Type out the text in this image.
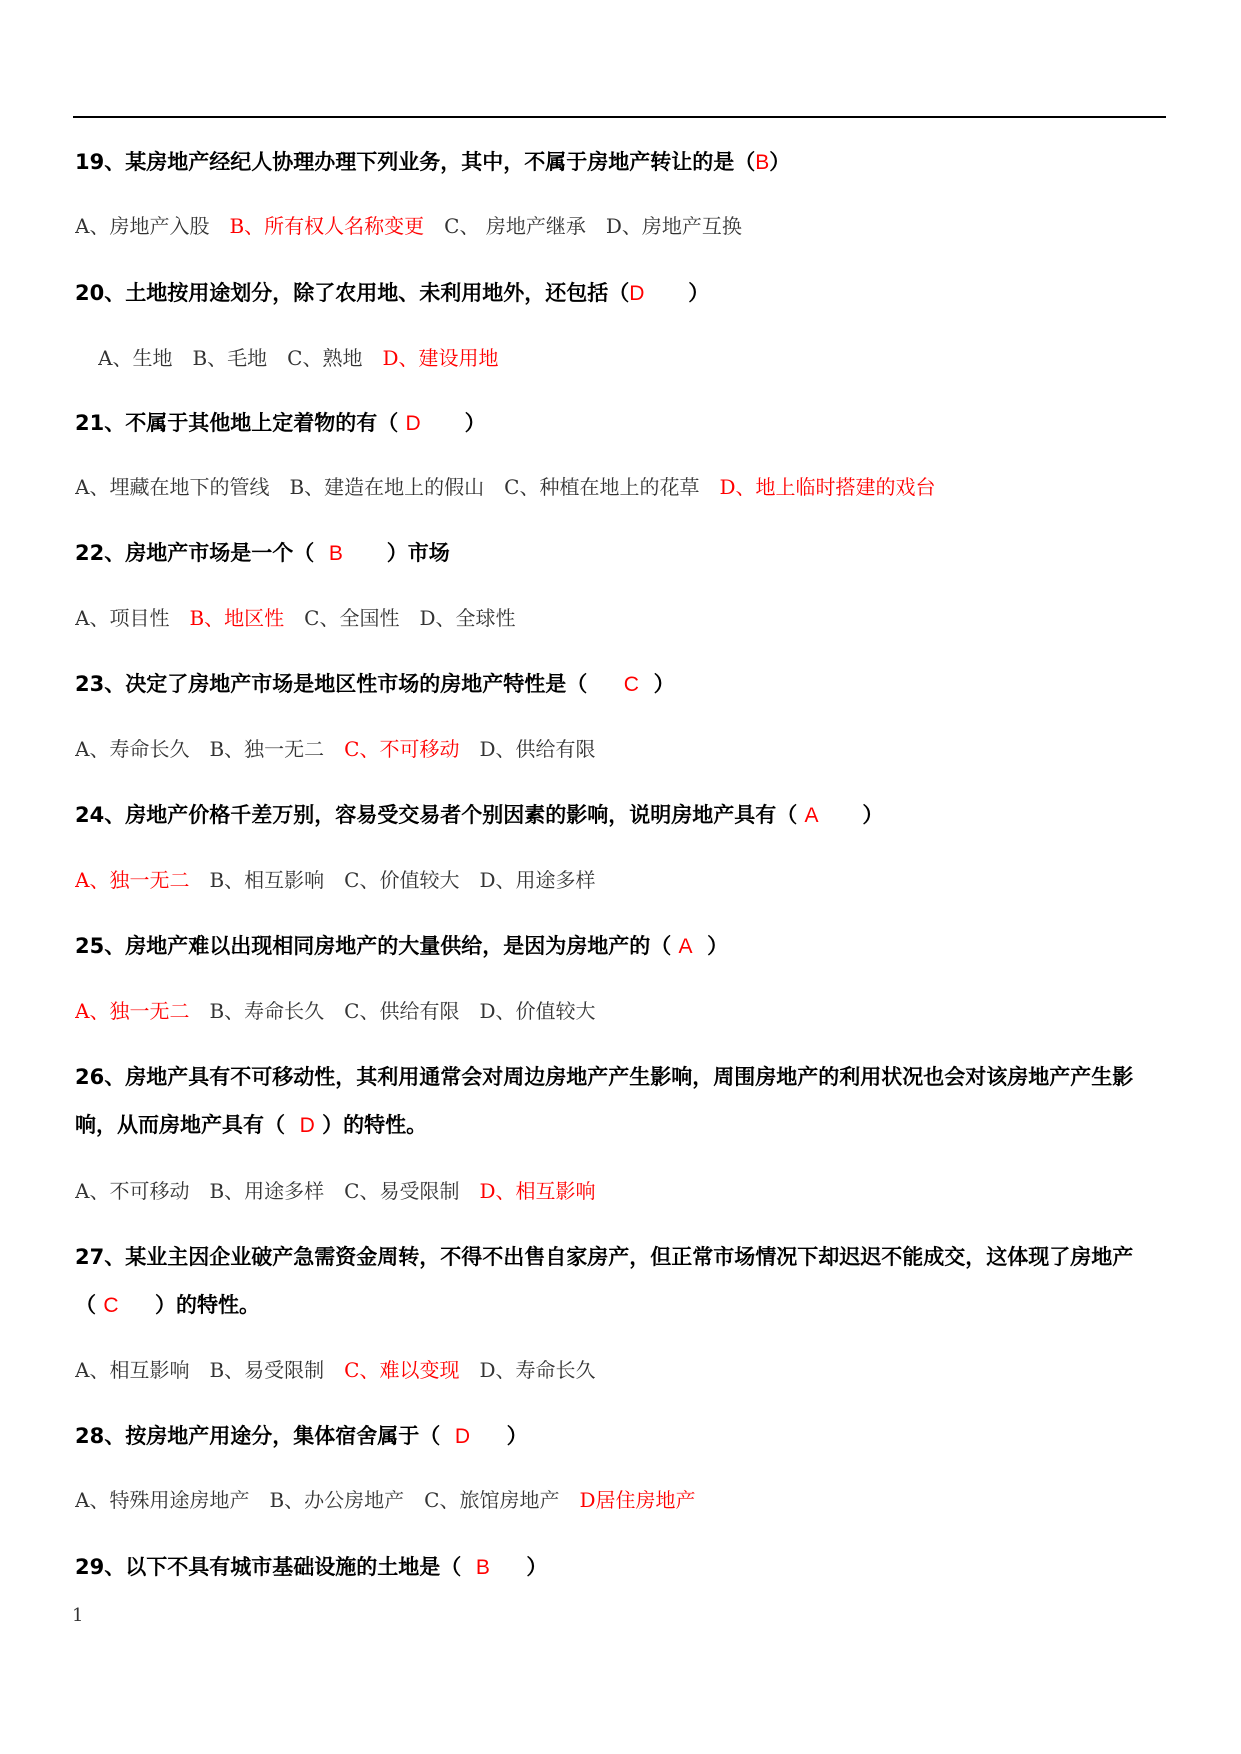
19、某房地产经纪人协理办理下列业务，其中，不属于房地产转让的是（B）
A、房地产入股 B、所有权人名称变更 C、 房地产继承 D、房地产互换
20、土地按用途划分，除了农用地、未利用地外，还包括（D      ）
A、生地 B、毛地 C、熟地 D、建设用地
21、不属于其他地上定着物的有（ D      ）
A、埋藏在地下的管线 B、建造在地上的假山 C、种植在地上的花草 D、地上临时搭建的戏台
22、房地产市场是一个（  B      ）市场
A、项目性 B、地区性 C、全国性 D、全球性
23、决定了房地产市场是地区性市场的房地产特性是（     C  ）
A、寿命长久 B、独一无二 C、不可移动 D、供给有限
24、房地产价格千差万别，容易受交易者个别因素的影响，说明房地产具有（ A      ）
A、独一无二 B、相互影响 C、价值较大 D、用途多样
25、房地产难以出现相同房地产的大量供给，是因为房地产的（ A  ）
A、独一无二 B、寿命长久 C、供给有限 D、价值较大
26、房地产具有不可移动性，其利用通常会对周边房地产产生影响，周围房地产的利用状况也会对该房地产产生影
响，从而房地产具有（  D ）的特性。
A、不可移动 B、用途多样 C、易受限制 D、相互影响
27、某业主因企业破产急需资金周转，不得不出售自家房产，但正常市场情况下却迟迟不能成交，这体现了房地产
（ C     ）的特性。
A、相互影响 B、易受限制 C、难以变现 D、寿命长久
28、按房地产用途分，集体宿舍属于（  D     ）
A、特殊用途房地产 B、办公房地产 C、旅馆房地产 D居住房地产
29、以下不具有城市基础设施的土地是（  B     ）
1
